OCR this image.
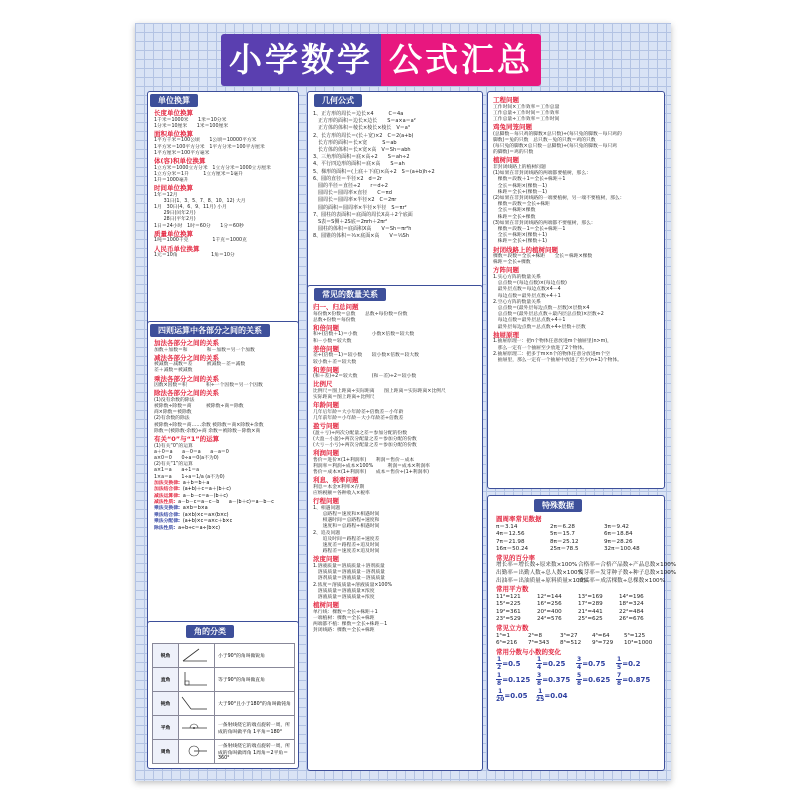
小学数学 公式汇总
单位换算
长度单位换算
1千米＝1000米　　1米＝10分米
1分米＝10厘米　　1米＝100厘米
面积单位换算
1平方千米＝100公顷　　1公顷＝10000平方米
1平方米＝100平方分米　1平方分米＝100平方厘米
1平方厘米＝100平方毫米
体(容)积单位换算
1立方米＝1000立方分米　1立方分米＝1000立方厘米
1立方分米＝1升　　　1立方厘米＝1毫升
1升＝1000毫升
时间单位换算
1年＝12月
　　31日(1、3、5、7、8、10、12) 大月
1月　30日(4、6、9、11月) 小月
　　29日(闰年2月)
　　28日(平年2月)
1日＝24小时　1时＝60分　　1分＝60秒
质量单位换算
1吨＝1000千克　　　　　1千克＝1000克
人民币单位换算
1元＝10角　　　　　　　1角＝10分
四则运算中各部分之间的关系
加法各部分之间的关系
加数＋加数＝和　　　　和－加数＝另一个加数
减法各部分之间的关系
被减数－减数＝差　　　被减数－差＝减数
差＋减数＝被减数
乘法各部分之间的关系
因数×因数＝积　　　　积÷一个因数＝另一个因数
除法各部分之间的关系
(1)没有余数的除法
被除数÷除数＝商　　　被除数÷商＝除数
商×除数＝被除数
(2)有余数的除法
被除数÷除数＝商……余数 被除数＝商×除数+余数
除数＝(被除数-余数)÷商 余数＝被除数－除数×商
有关“0”与“1”的运算
(1)有关“0”的运算
a＋0＝a　　a－0＝a　　a－a＝0
a×0＝0　　0÷a＝0(a不为0)
(2)有关“1”的运算
a×1＝a　　a÷1＝a
1×a＝a　　1÷a＝1/a (a不为0)
加法交换律: a＋b＝b＋a
加法结合律: (a+b)＋c＝a＋(b＋c)
减法运算律: a－b－c＝a－(b＋c)
减法性质: a－b－c＝a－c－b　　a－(b＋c)＝a－b－c
乘法交换律: a×b＝b×a
乘法结合律: (a×b)×c＝a×(b×c)
乘法分配律: (a+b)×c＝a×c＋b×c
除法性质: a÷b÷c＝a÷(b×c)
角的分类
锐角		小于90°的角叫做锐角
直角		等于90°的角叫做直角
钝角		大于90°且小于180°的角叫做钝角
平角		一条射线绕它的端点旋转一周，所成的角叫做平角 1平角＝180°
周角		一条射线绕它的端点旋转一周，所成的角叫做周角 1周角＝2平角＝360°
几何公式
1、正方形的周长＝边长×4　　　C＝4a
　正方形的面积＝边长×边长　　S＝a×a＝a²
　正方体的体积＝棱长×棱长×棱长　V＝a³
2、长方形的周长＝(长＋宽)×2　C＝2(a+b)
　长方形的面积＝长×宽　　　S＝ab
　长方体的体积＝长×宽×高　V＝Sh＝abh
3、三角形的面积＝底×高÷2　　S＝ah÷2
4、平行四边形的面积＝底×高　　S＝ah
5、梯形的面积＝(上底＋下底)×高÷2　S＝(a+b)h÷2
6、圆的直径＝半径×2　d＝2r
　圆的半径＝直径÷2　　r＝d÷2
　圆周长＝圆周率×直径　　C＝πd
　圆周长＝圆周率×半径×2　C＝2πr
　圆的面积＝圆周率×半径×半径　S＝πr²
7、圆柱的表面积＝底面的周长X高＋2个底面
　S表＝S侧＋2S底＝2πrh＋2πr²
　圆柱的体积＝底面积X高　　V＝Sh＝πr²h
8、圆锥的体积＝⅓×底面×高　　V＝⅓Sh
常见的数量关系
归一、归总问题
每份数×份数＝总数　　总数÷每份数＝份数
总数÷份数＝每份数
和倍问题
和÷(倍数＋1)＝小数　　　小数×倍数＝较大数
和－小数＝较大数
差倍问题
差÷(倍数－1)＝较小数　　较小数×倍数＝较大数
较小数＋差＝较大数
和差问题
(和＋差)÷2＝较大数　　　(和－差)÷2＝较小数
比例尺
比例尺＝图上距离÷实际距离　　图上距离＝实际距离×比例尺
实际距离＝图上距离÷比例尺
年龄问题
几年后年龄＝大小年龄差÷倍数差－小年龄
几年前年龄＝小年龄－大小年龄差÷倍数差
盈亏问题
(盈＋亏)÷两次分配量之差＝参加分配的份数
(大盈－小盈)÷两次分配量之差＝参加分配的份数
(大亏－小亏)÷两次分配量之差＝参加分配的份数
利润问题
售价＝进价×(1+利润率)　　利润＝售价－成本
利润率＝利润÷成本×100%　　　利润＝成本×利润率
售价＝成本×(1+利润率)　　成本＝售价÷(1+利润率)
利息、税率问题
利息＝本金×利率×存期
应纳税额＝各种收入×税率
行程问题
1、相遇问题
　　总路程＝速度和×相遇时间
　　相遇时间＝总路程÷速度和
　　速度和＝总路程÷相遇时间
2、追及问题
　　追及时间＝路程差÷速度差
　　速度差＝路程差÷追及时间
　　路程差＝速度差×追及时间
浓度问题
1.溶液质量＝溶质质量＋溶剂质量
　溶质质量＝溶液质量－溶剂质量
　溶剂质量＝溶液质量－溶质质量
2.浓度＝溶质质量÷溶液质量×100%
　溶质质量＝溶液质量×浓度
　溶液质量＝溶质质量÷浓度
植树问题
单行线：棵数＝全长÷株距＋1
一端植树：棵数＝全长÷株距
两端都不植：棵数＝全长÷株距－1
封闭线路：棵数＝全长÷株距
工程问题
工作时间×工作效率＝工作总量
工作总量÷工作时间＝工作效率
工作总量÷工作效率＝工作时间
鸡兔同笼问题
(总脚数－每只鸡的脚数×总只数)÷(每只兔的脚数－每只鸡的
脚数)＝兔的只数　总只数－兔的只数＝鸡的只数
(每只兔的脚数×总只数－总脚数)÷(每只兔的脚数－每只鸡
的脚数)＝鸡的只数
植树问题
非封闭线路上的植树问题
(1)如果在非封闭线路的两端都要植树，那么：
　棵数＝段数＋1＝全长÷株距＋1
　全长＝株距×(棵数－1)
　株距＝全长÷(棵数－1)
(2)如果在非封闭线路的一端要植树，另一端不要植树，那么：
　棵数＝段数＝全长÷株距
　全长＝株距×棵数
　株距＝全长÷棵数
(3)如果在非封闭线路的两端都不要植树，那么：
　棵数＝段数－1＝全长÷株距－1
　全长＝株距×(棵数＋1)
　株距＝全长÷(棵数＋1)
封闭线路上的植树问题
棵数＝段数＝全长÷株距　　全长＝株距×棵数
株距＝全长÷棵数
方阵问题
1.实心方阵的数量关系
　总点数＝(每边点数)×(每边点数)
　最外层点数＝每边点数×4－4
　每边点数＝最外层点数÷4＋1
2.空心方阵的数量关系
　总点数＝(最外层每边点数－层数)×层数×4
　总点数＝(最外层总点数＋最内层总点数)×层数÷2
　每边点数＝最外层总点数÷4＋1
　最外层每边点数＝总点数÷4÷层数＋层数
抽屉原理
1.抽屉原理一：把n个物体任意放进m个抽屉里(n>m)，
　那么一定有一个抽屉至少放进了2个物体。
2.抽屉原理二：把多于m×n个的物体任意分放进m个空
　抽屉里，那么一定有一个抽屉中放进了至少(n+1)个物体。
特殊数据
圆周率常见数据
π＝3.14	2π＝6.28	3π＝9.42
4π＝12.56	5π＝15.7	6π＝18.84
7π＝21.98	8π＝25.12	9π＝28.26
16π＝50.24	25π＝78.5	32π＝100.48
常见的百分率
增长率＝增长数÷原来数×100% 合格率＝合格产品数÷产品总数×100%
出勤率＝出勤人数÷总人数×100%
发芽率＝发芽种子数÷种子总数×100%
出油率＝出油质量÷原料质量×100%
成活率＝成活棵数÷总棵数×100%
常用平方数
11²=121	12²=144	13²=169	14²=196
15²=225	16²=256	17²=289	18²=324
19²=361	20²=400	21²=441	22²=484
23²=529	24²=576	25²=625	26²=676
常见立方数
1³=1	2³=8	3³=27	4³=64	5³=125
6³=216	7³=343	8³=512	9³=729	10³=1000
常用分数与小数的变化
$\frac{1}{2} = 0.5$	$\frac{1}{4} = 0.25 \frac{3}{4} = 0.75 \frac{1}{5} = 0.2$
$\frac{1}{8} = 0.125 \frac{3}{8} = 0.375 \frac{5}{8} = 0.625 \frac{7}{8} = 0.875$
$\frac{1}{20} = 0.05 \frac{1}{25} = 0.04$
